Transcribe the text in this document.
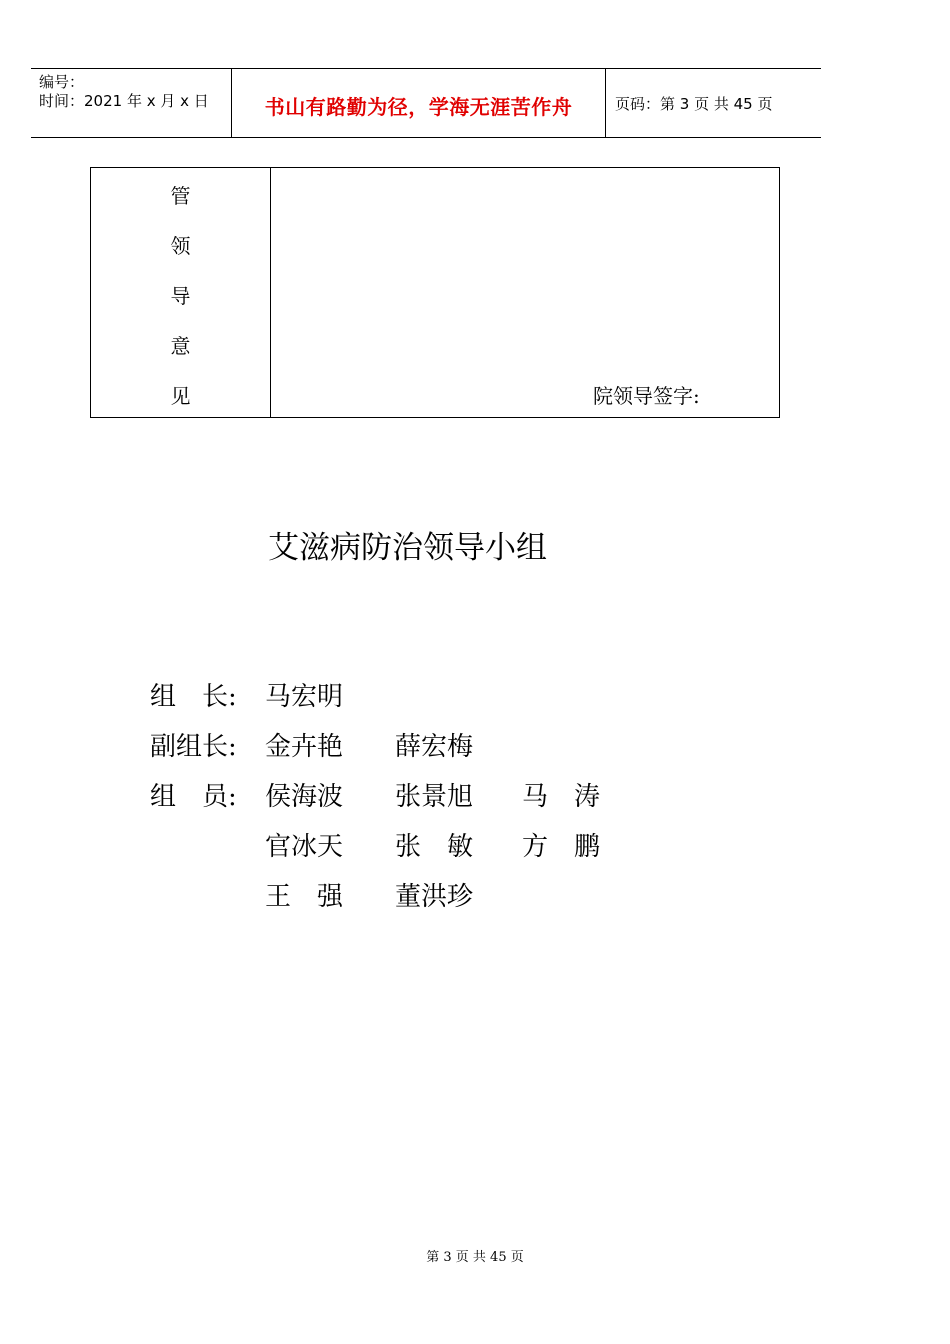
编号：
时间：2021 年 x 月 x 日	书山有路勤为径，学海无涯苦作舟	页码：第 3 页 共 45 页
管
领
导
意
见	院领导签字:
艾滋病防治领导小组
组　长: 马宏明
副组长: 金卉艳 薛宏梅
组　员: 侯海波 张景旭 马　涛
官冰天 张　敏 方　鹏
王　强 董洪珍
第 3 页 共 45 页
